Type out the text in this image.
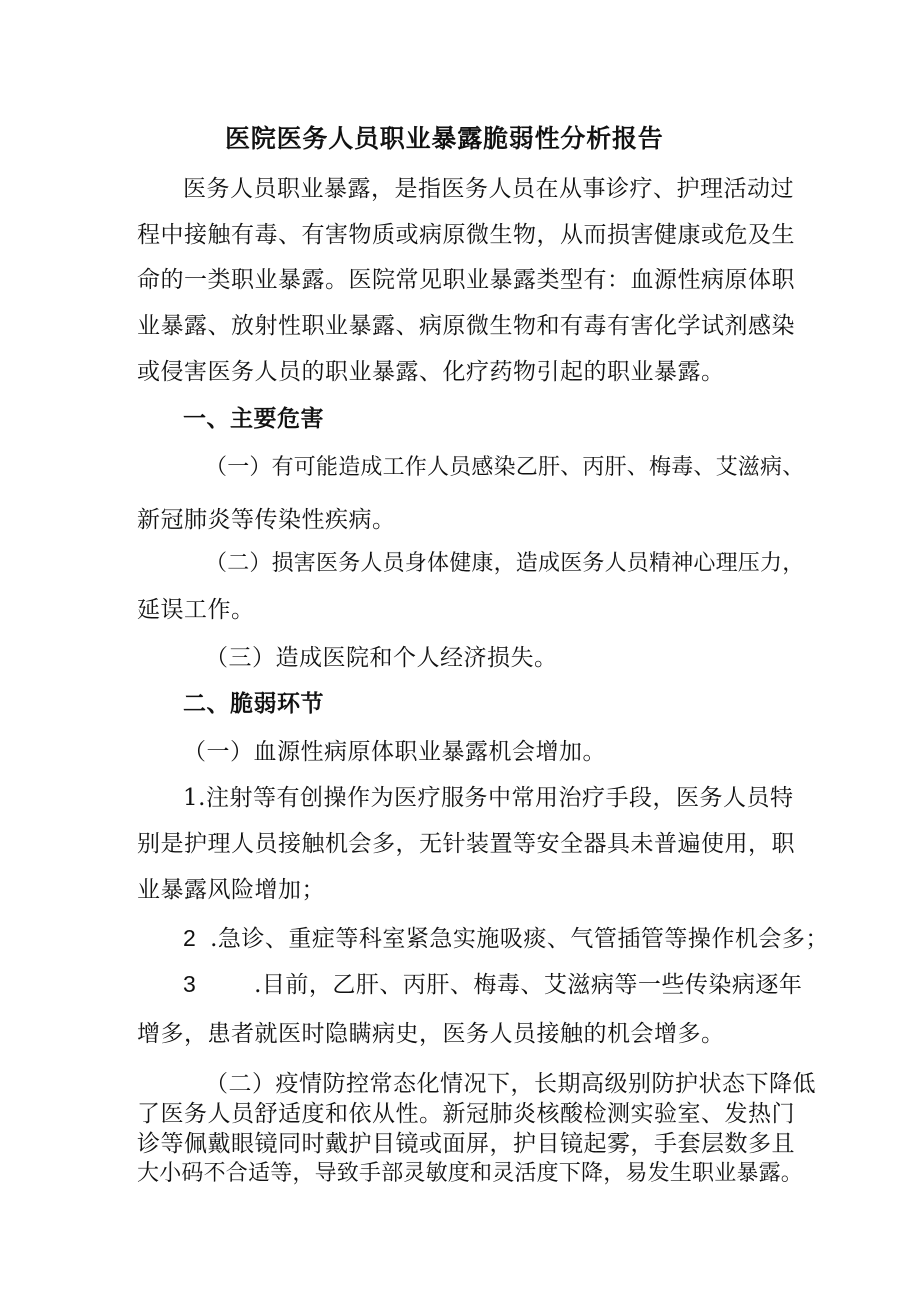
医院医务人员职业暴露脆弱性分析报告

医务人员职业暴露，是指医务人员在从事诊疗、护理活动过

程中接触有毒、有害物质或病原微生物，从而损害健康或危及生

命的一类职业暴露。医院常见职业暴露类型有：血源性病原体职

业暴露、放射性职业暴露、病原微生物和有毒有害化学试剂感染

或侵害医务人员的职业暴露、化疗药物引起的职业暴露。

一、主要危害

（一）有可能造成工作人员感染乙肝、丙肝、梅毒、艾滋病、

新冠肺炎等传染性疾病。

（二）损害医务人员身体健康，造成医务人员精神心理压力，

延误工作。

（三）造成医院和个人经济损失。

二、脆弱环节

（一）血源性病原体职业暴露机会增加。

1.注射等有创操作为医疗服务中常用治疗手段，医务人员特

别是护理人员接触机会多，无针装置等安全器具未普遍使用，职

业暴露风险增加；

2 .急诊、重症等科室紧急实施吸痰、气管插管等操作机会多；

3	.目前，乙肝、丙肝、梅毒、艾滋病等一些传染病逐年

增多，患者就医时隐瞒病史，医务人员接触的机会增多。

（二）疫情防控常态化情况下，长期高级别防护状态下降低

了医务人员舒适度和依从性。新冠肺炎核酸检测实验室、发热门

诊等佩戴眼镜同时戴护目镜或面屏，护目镜起雾，手套层数多且

大小码不合适等，导致手部灵敏度和灵活度下降，易发生职业暴露。
